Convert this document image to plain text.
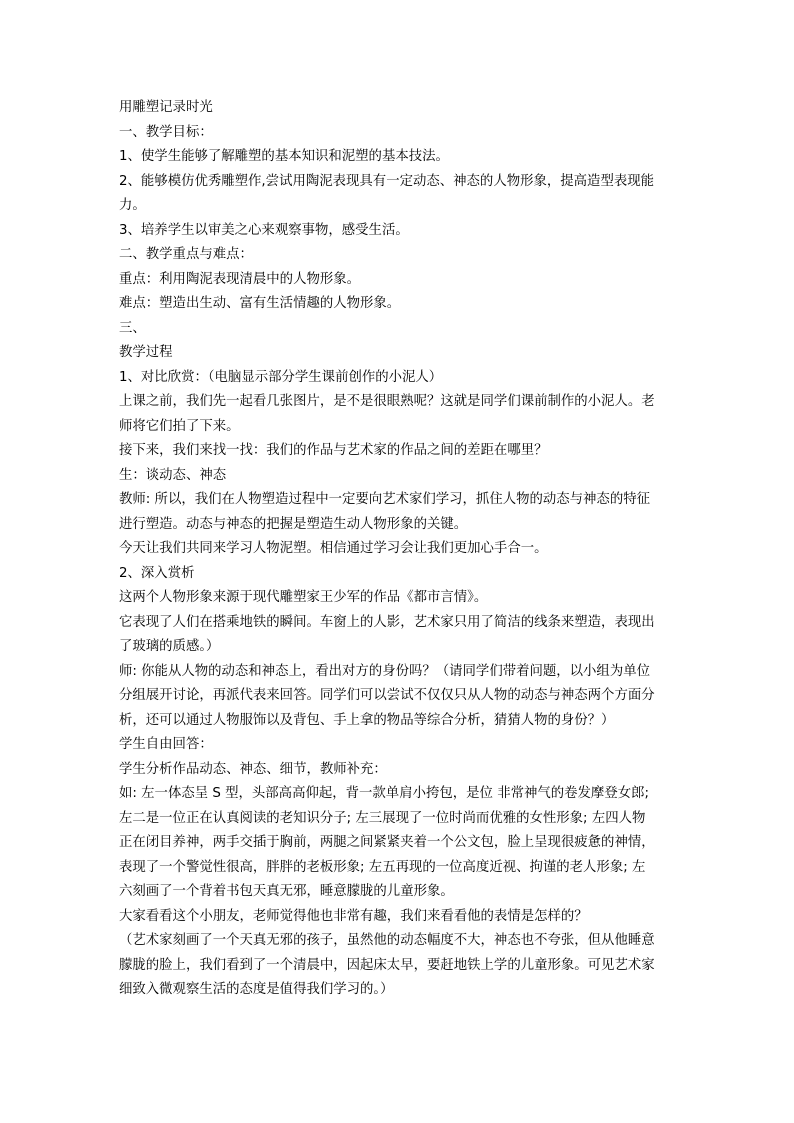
用雕塑记录时光

一、教学目标：

1、使学生能够了解雕塑的基本知识和泥塑的基本技法。

2、能够模仿优秀雕塑作,尝试用陶泥表现具有一定动态、神态的人物形象，提高造型表现能

力。

3、培养学生以审美之心来观察事物，感受生活。

二、教学重点与难点：

重点：利用陶泥表现清晨中的人物形象。

难点：塑造出生动、富有生活情趣的人物形象。

三、

教学过程

1、对比欣赏：（电脑显示部分学生课前创作的小泥人）

上课之前，我们先一起看几张图片，是不是很眼熟呢？这就是同学们课前制作的小泥人。老

师将它们拍了下来。

接下来，我们来找一找：我们的作品与艺术家的作品之间的差距在哪里？

生：谈动态、神态

教师: 所以，我们在人物塑造过程中一定要向艺术家们学习，抓住人物的动态与神态的特征

进行塑造。动态与神态的把握是塑造生动人物形象的关键。

今天让我们共同来学习人物泥塑。相信通过学习会让我们更加心手合一。

2、深入赏析

这两个人物形象来源于现代雕塑家王少军的作品《都市言情》。

它表现了人们在搭乘地铁的瞬间。车窗上的人影，艺术家只用了简洁的线条来塑造，表现出

了玻璃的质感。）

师: 你能从人物的动态和神态上，看出对方的身份吗？（请同学们带着问题，以小组为单位

分组展开讨论，再派代表来回答。同学们可以尝试不仅仅只从人物的动态与神态两个方面分

析，还可以通过人物服饰以及背包、手上拿的物品等综合分析，猜猜人物的身份？）

学生自由回答：

学生分析作品动态、神态、细节，教师补充：

如: 左一体态呈 S 型，头部高高仰起，背一款单肩小挎包，是位 非常神气的卷发摩登女郎;

左二是一位正在认真阅读的老知识分子; 左三展现了一位时尚而优雅的女性形象; 左四人物

正在闭目养神，两手交插于胸前，两腿之间紧紧夹着一个公文包，脸上呈现很疲惫的神情，

表现了一个警觉性很高，胖胖的老板形象; 左五再现的一位高度近视、拘谨的老人形象; 左

六刻画了一个背着书包天真无邪，睡意朦胧的儿童形象。

大家看看这个小朋友，老师觉得他也非常有趣，我们来看看他的表情是怎样的？

（艺术家刻画了一个天真无邪的孩子，虽然他的动态幅度不大，神态也不夸张，但从他睡意

朦胧的脸上，我们看到了一个清晨中，因起床太早，要赶地铁上学的儿童形象。可见艺术家

细致入微观察生活的态度是值得我们学习的。）
